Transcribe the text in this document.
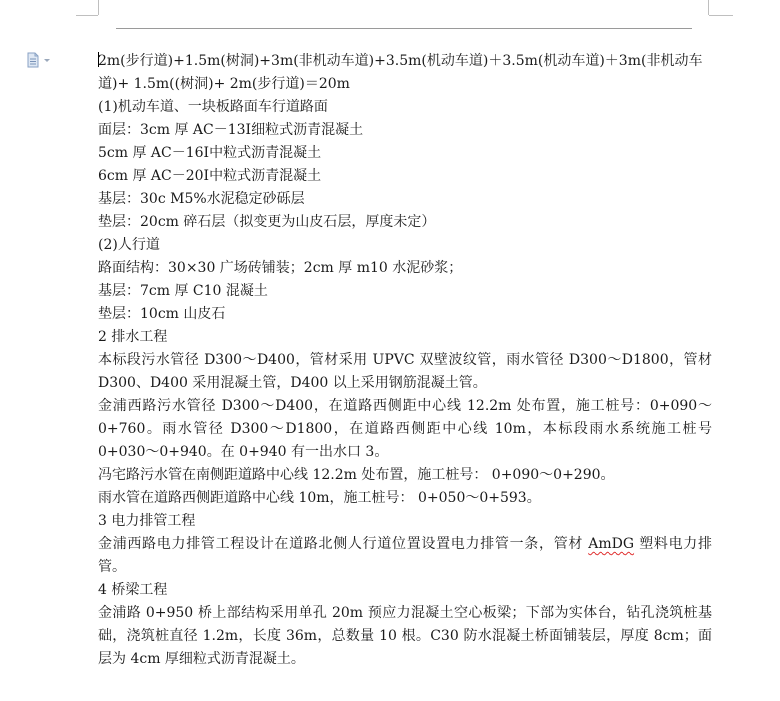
2m(步行道)+1.5m(树洞)+3m(非机动车道)+3.5m(机动车道)＋3.5m(机动车道)＋3m(非机动车
道)+ 1.5m((树洞)+ 2m(步行道)＝20m
(1)机动车道、一块板路面车行道路面
面层：3cm 厚 AC－13Ⅰ细粒式沥青混凝土
5cm 厚 AC－16Ⅰ中粒式沥青混凝土
6cm 厚 AC－20Ⅰ中粒式沥青混凝土
基层：30c M5%水泥稳定砂砾层
垫层：20cm 碎石层（拟变更为山皮石层，厚度未定）
(2)人行道
路面结构：30×30 广场砖铺装；2cm 厚 m10 水泥砂浆；
基层：7cm 厚 C10 混凝土
垫层：10cm 山皮石
2 排水工程

本标段污水管径 D300～D400，管材采用 UPVC 双壁波纹管，雨水管径 D300～D1800，管材 D300、D400 采用混凝土管，D400 以上采用钢筋混凝土管。

金浦西路污水管径 D300～D400，在道路西侧距中心线 12.2m 处布置，施工桩号：0+090～0+760。雨水管径 D300～D1800，在道路西侧距中心线 10m，本标段雨水系统施工桩号 0+030～0+940。在 0+940 有一出水口 3。

冯宅路污水管在南侧距道路中心线 12.2m 处布置，施工桩号： 0+090～0+290。
雨水管在道路西侧距道路中心线 10m，施工桩号： 0+050～0+593。
3 电力排管工程

金浦西路电力排管工程设计在道路北侧人行道位置设置电力排管一条，管材 AmDG 塑料电力排管。

4 桥梁工程

金浦路 0+950 桥上部结构采用单孔 20m 预应力混凝土空心板梁；下部为实体台，钻孔浇筑桩基础，浇筑桩直径 1.2m，长度 36m，总数量 10 根。C30 防水混凝土桥面铺装层，厚度 8cm；面层为 4cm 厚细粒式沥青混凝土。
